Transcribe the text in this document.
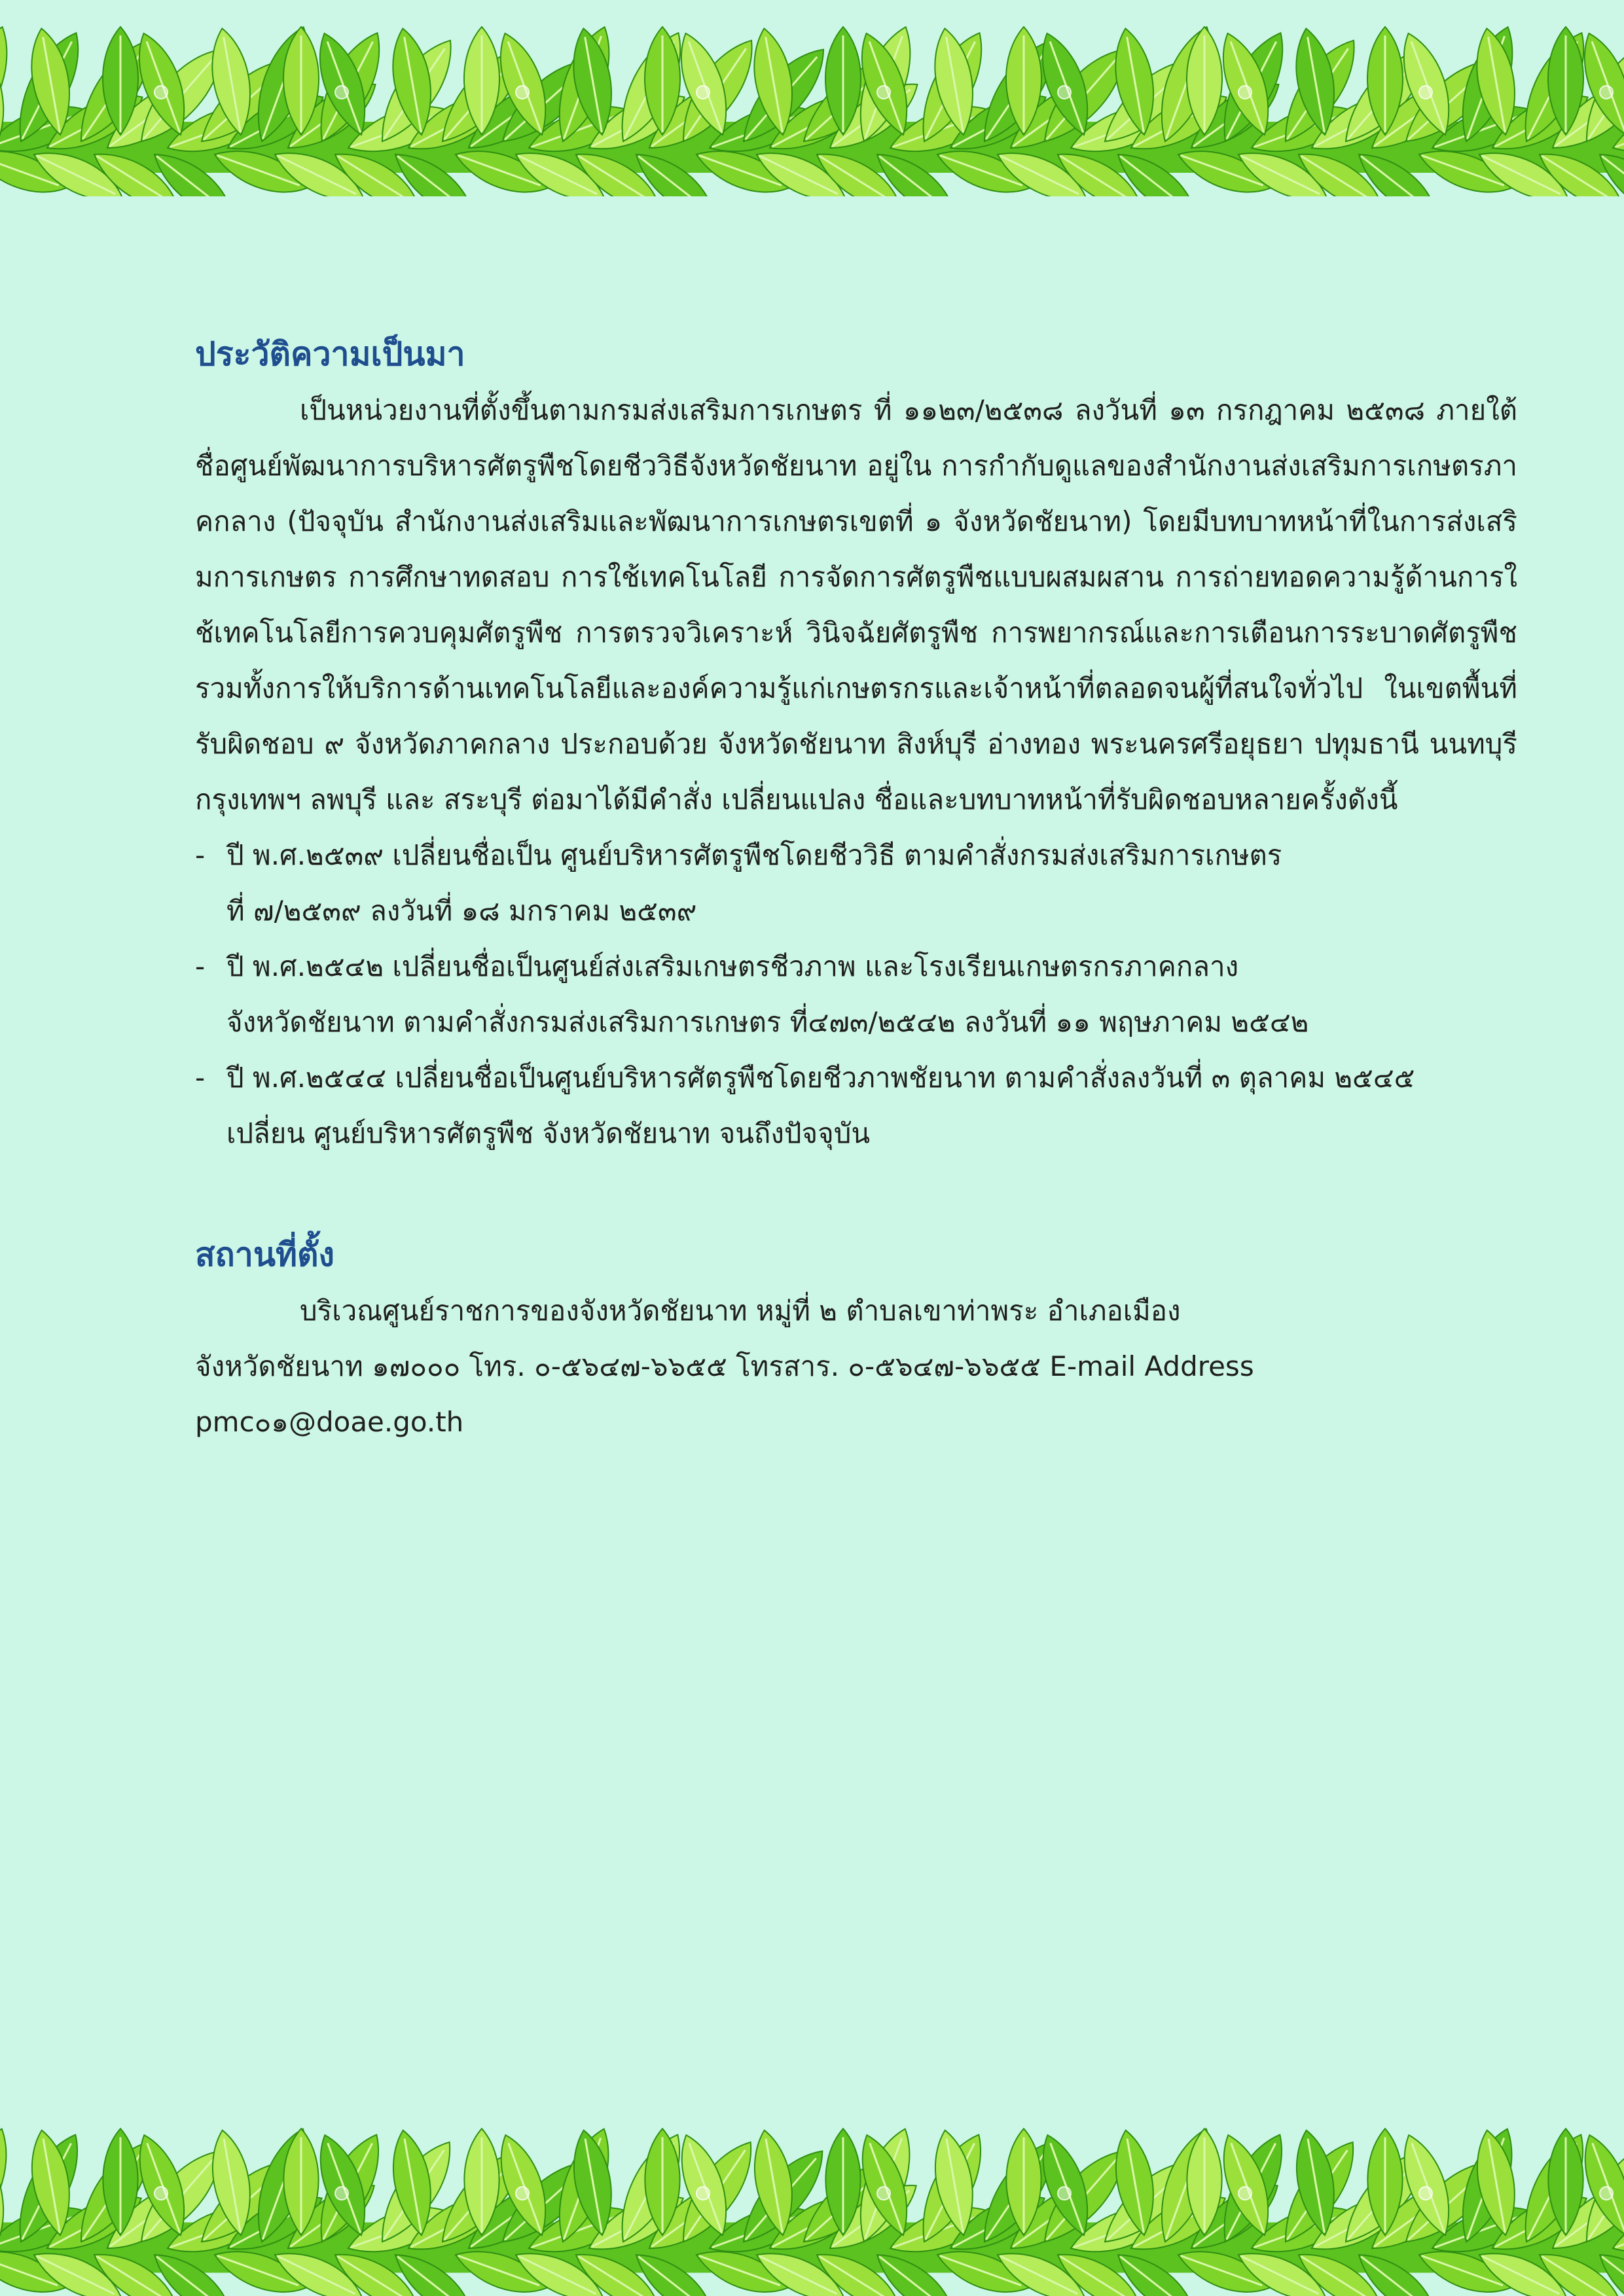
ประวัติความเป็นมา

เป็นหน่วยงานที่ตั้งขึ้นตามกรมส่งเสริมการเกษตร ที่ ๑๑๒๓/๒๕๓๘ ลงวันที่ ๑๓ กรกฎาคม ๒๕๓๘ ภายใต้ชื่อศูนย์พัฒนาการบริหารศัตรูพืชโดยชีววิธีจังหวัดชัยนาท อยู่ใน การกำกับดูแลของสำนักงานส่งเสริมการเกษตรภาคกลาง (ปัจจุบัน สำนักงานส่งเสริมและพัฒนาการเกษตรเขตที่ ๑ จังหวัดชัยนาท) โดยมีบทบาทหน้าที่ในการส่งเสริมการเกษตร การศึกษาทดสอบ การใช้เทคโนโลยี การจัดการศัตรูพืชแบบผสมผสาน การถ่ายทอดความรู้ด้านการใช้เทคโนโลยีการควบคุมศัตรูพืช การตรวจวิเคราะห์ วินิจฉัยศัตรูพืช การพยากรณ์และการเตือนการระบาดศัตรูพืช รวมทั้งการให้บริการด้านเทคโนโลยีและองค์ความรู้แก่เกษตรกรและเจ้าหน้าที่ตลอดจนผู้ที่สนใจทั่วไป ในเขตพื้นที่รับผิดชอบ ๙ จังหวัดภาคกลาง ประกอบด้วย จังหวัดชัยนาท สิงห์บุรี อ่างทอง พระนครศรีอยุธยา ปทุมธานี นนทบุรี กรุงเทพฯ ลพบุรี และ สระบุรี ต่อมาได้มีคำสั่ง เปลี่ยนแปลง ชื่อและบทบาทหน้าที่รับผิดชอบหลายครั้งดังนี้

- ปี พ.ศ.๒๕๓๙ เปลี่ยนชื่อเป็น ศูนย์บริหารศัตรูพืชโดยชีววิธี ตามคำสั่งกรมส่งเสริมการเกษตร
ที่ ๗/๒๕๓๙ ลงวันที่ ๑๘ มกราคม ๒๕๓๙
- ปี พ.ศ.๒๕๔๒ เปลี่ยนชื่อเป็นศูนย์ส่งเสริมเกษตรชีวภาพ และโรงเรียนเกษตรกรภาคกลาง
จังหวัดชัยนาท ตามคำสั่งกรมส่งเสริมการเกษตร ที่๔๗๓/๒๕๔๒ ลงวันที่ ๑๑ พฤษภาคม ๒๕๔๒
- ปี พ.ศ.๒๕๔๔ เปลี่ยนชื่อเป็นศูนย์บริหารศัตรูพืชโดยชีวภาพชัยนาท ตามคำสั่งลงวันที่ ๓ ตุลาคม ๒๕๔๕
เปลี่ยน ศูนย์บริหารศัตรูพืช จังหวัดชัยนาท จนถึงปัจจุบัน
สถานที่ตั้ง

บริเวณศูนย์ราชการของจังหวัดชัยนาท หมู่ที่ ๒ ตำบลเขาท่าพระ อำเภอเมือง

จังหวัดชัยนาท ๑๗๐๐๐ โทร. ๐-๕๖๔๗-๖๖๕๕ โทรสาร. ๐-๕๖๔๗-๖๖๕๕ E-mail Address

pmc๐๑@doae.go.th
